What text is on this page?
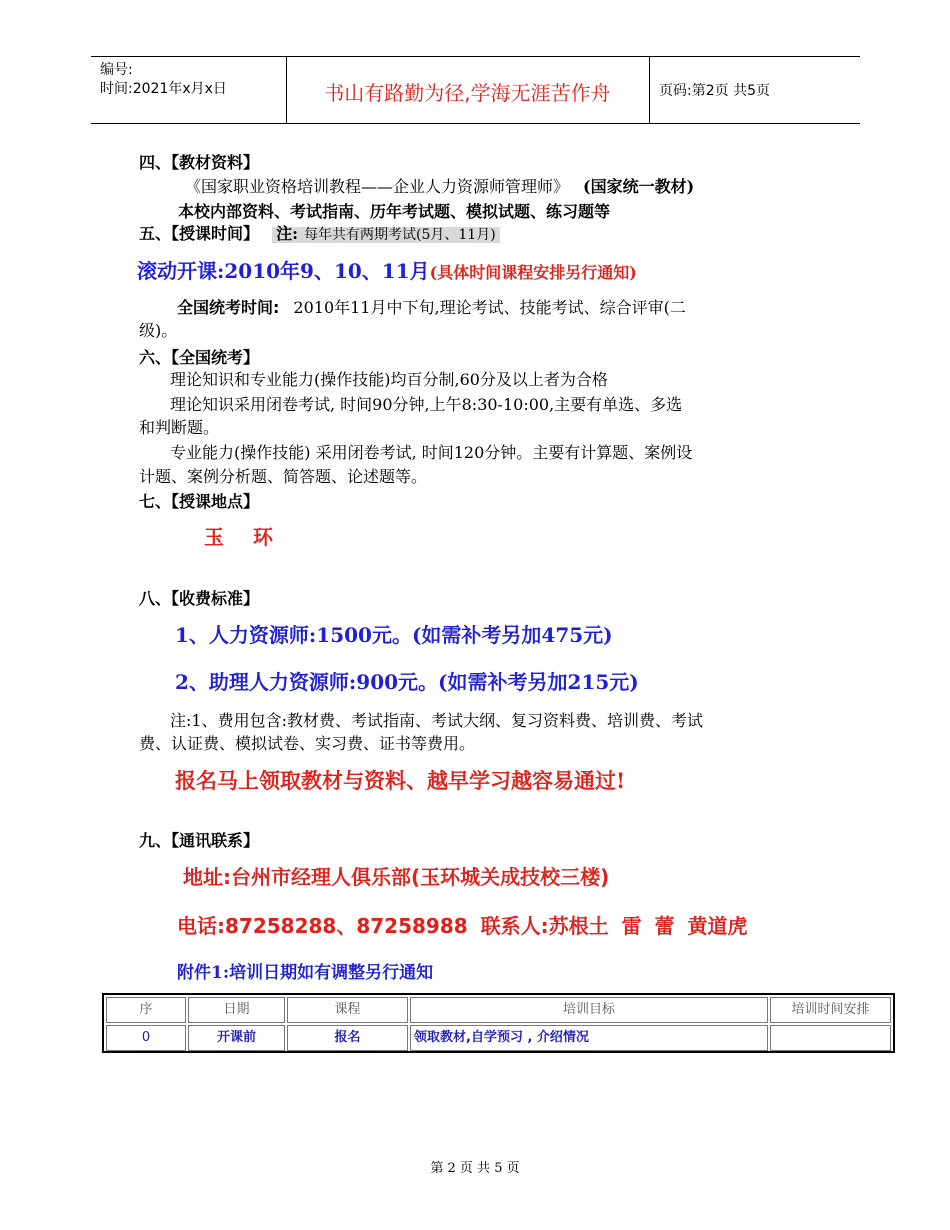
编号:
时间:2021年x月x日	书山有路勤为径,学海无涯苦作舟	页码:第2页 共5页
四、【教材资料】
《国家职业资格培训教程——企业人力资源师管理师》 (国家统一教材)
本校内部资料、考试指南、历年考试题、模拟试题、练习题等
五、【授课时间】 注: 每年共有两期考试(5月、11月)
滚动开课:2010年9、10、11月(具体时间课程安排另行通知)
全国统考时间: 2010年11月中下旬,理论考试、技能考试、综合评审(二
级)。
六、【全国统考】
理论知识和专业能力(操作技能)均百分制,60分及以上者为合格
理论知识采用闭卷考试, 时间90分钟,上午8:30-10:00,主要有单选、多选
和判断题。
专业能力(操作技能) 采用闭卷考试, 时间120分钟。主要有计算题、案例设
计题、案例分析题、简答题、论述题等。
七、【授课地点】
玉 环
八、【收费标准】
1、人力资源师:1500元。(如需补考另加475元)
2、助理人力资源师:900元。(如需补考另加215元)
注:1、费用包含:教材费、考试指南、考试大纲、复习资料费、培训费、考试
费、认证费、模拟试卷、实习费、证书等费用。
报名马上领取教材与资料、越早学习越容易通过!
九、【通讯联系】
地址:台州市经理人俱乐部(玉环城关成技校三楼)
电话:87258288、87258988 联系人:苏根土 雷 蕾 黄道虎
附件1:培训日期如有调整另行通知
序	日期	课程	培训目标	培训时间安排
0	开课前	报名	领取教材,自学预习 , 介绍情况
第 2 页 共 5 页
